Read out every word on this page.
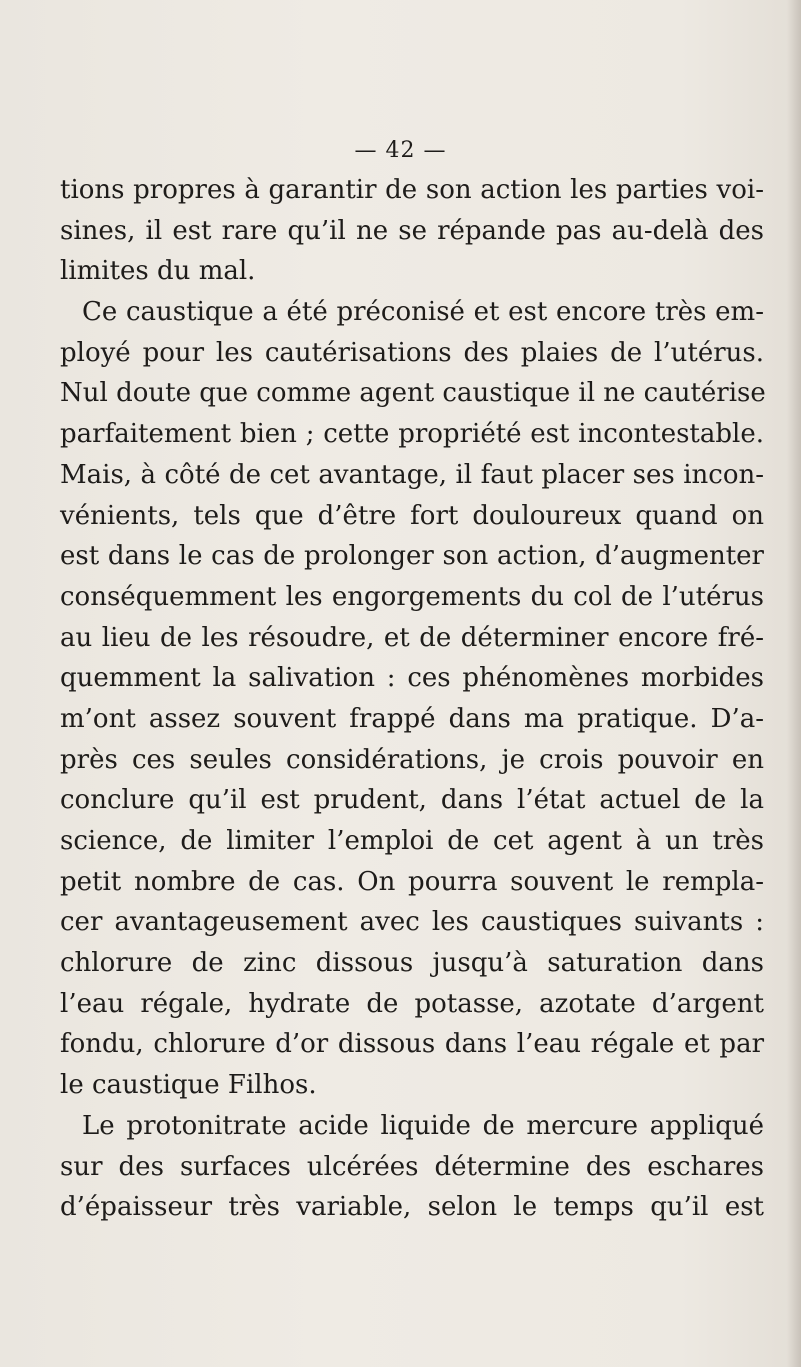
— 42 —
tions propres à garantir de son action les parties voi-
sines, il est rare qu’il ne se répande pas au-delà des
limites du mal.
Ce caustique a été préconisé et est encore très em-
ployé pour les cautérisations des plaies de l’utérus.
Nul doute que comme agent caustique il ne cautérise
parfaitement bien ; cette propriété est incontestable.
Mais, à côté de cet avantage, il faut placer ses incon-
vénients, tels que d’être fort douloureux quand on
est dans le cas de prolonger son action, d’augmenter
conséquemment les engorgements du col de l’utérus
au lieu de les résoudre, et de déterminer encore fré-
quemment la salivation : ces phénomènes morbides
m’ont assez souvent frappé dans ma pratique. D’a-
près ces seules considérations, je crois pouvoir en
conclure qu’il est prudent, dans l’état actuel de la
science, de limiter l’emploi de cet agent à un très
petit nombre de cas. On pourra souvent le rempla-
cer avantageusement avec les caustiques suivants :
chlorure de zinc dissous jusqu’à saturation dans
l’eau régale, hydrate de potasse, azotate d’argent
fondu, chlorure d’or dissous dans l’eau régale et par
le caustique Filhos.
Le protonitrate acide liquide de mercure appliqué
sur des surfaces ulcérées détermine des eschares
d’épaisseur très variable, selon le temps qu’il est
